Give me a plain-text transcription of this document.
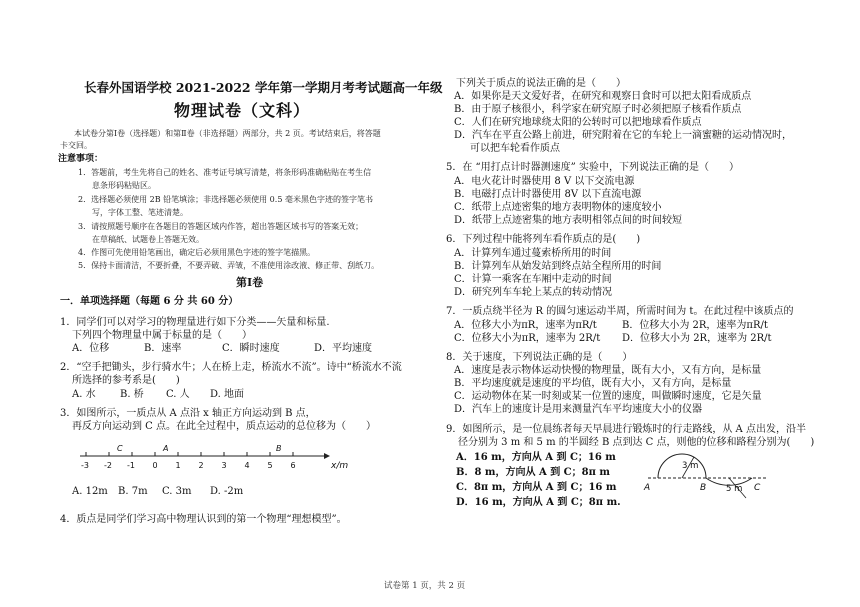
长春外国语学校 2021-2022 学年第一学期月考考试题高一年级
物理试卷（文科）
本试卷分第Ⅰ卷（选择题）和第Ⅱ卷（非选择题）两部分，共 2 页。考试结束后，将答题
卡交回。
注意事项：
1．答题前，考生先将自己的姓名、准考证号填写清楚，将条形码准确粘贴在考生信
息条形码粘贴区。
2．选择题必须使用 2B 铅笔填涂；非选择题必须使用 0.5 毫米黑色字迹的签字笔书
写，字体工整、笔迹清楚。
3．请按照题号顺序在各题目的答题区域内作答，超出答题区域书写的答案无效；
在草稿纸、试题卷上答题无效。
4．作图可先使用铅笔画出，确定后必须用黑色字迹的签字笔描黑。
5．保持卡面清洁，不要折叠，不要弄破、弄皱，不准使用涂改液、修正带、刮纸刀。
第Ⅰ卷
一．单项选择题（每题 6 分 共 60 分）
1．同学们可以对学习的物理量进行如下分类——矢量和标量.
下列四个物理量中属于标量的是（　　）
A．位移	B．速率	C．瞬时速度	D．平均速度
2．“空手把锄头，步行骑水牛；人在桥上走，桥流水不流”。诗中“桥流水不流
所选择的参考系是(　　)
A. 水 B. 桥 C. 人 D. 地面
3．如图所示，一质点从 A 点沿 x 轴正方向运动到 B 点，
再反方向运动到 C 点。在此全过程中，质点运动的总位移为（　　）
-3 -2 -1 0 1 2 3 4 5 6	x/m
C	A	B
A. 12m B. 7m C. 3m D. -2m
4．质点是同学们学习高中物理认识到的第一个物理“理想模型”。
下列关于质点的说法正确的是（　　）
A．如果你是天文爱好者，在研究和观察日食时可以把太阳看成质点
B．由于原子核很小，科学家在研究原子时必须把原子核看作质点
C．人们在研究地球绕太阳的公转时可以把地球看作质点
D．汽车在平直公路上前进，研究附着在它的车轮上一滴蜜糖的运动情况时，
可以把车轮看作质点
5．在 “用打点计时器测速度” 实验中，下列说法正确的是（　　）
A．电火花计时器使用 8 V 以下交流电源
B．电磁打点计时器使用 8V 以下直流电源
C．纸带上点迹密集的地方表明物体的速度较小
D．纸带上点迹密集的地方表明相邻点间的时间较短
6．下列过程中能将列车看作质点的是(　　)
A．计算列车通过蔓索桥所用的时间
B．计算列车从始发站到终点站全程所用的时间
C．计算一乘客在车厢中走动的时间
D．研究列车车轮上某点的转动情况
7．一质点绕半径为 R 的圆匀速运动半周，所需时间为 t。在此过程中该质点的
A．位移大小为πR，速率为πR/t	B．位移大小为 2R，速率为πR/t
C．位移大小为πR，速率为 2R/t D．位移大小为 2R，速率为 2R/t
8．关于速度，下列说法正确的是（　　）
A．速度是表示物体运动快慢的物理量，既有大小，又有方向，是标量
B．平均速度就是速度的平均值，既有大小，又有方向，是标量
C．运动物体在某一时刻或某一位置的速度，叫做瞬时速度，它是矢量
D．汽车上的速度计是用来测量汽车平均速度大小的仪器
9．如图所示，是一位晨练者每天早晨进行锻炼时的行走路线，从 A 点出发，沿半
径分别为 3 m 和 5 m 的半圆经 B 点到达 C 点，则他的位移和路程分别为(　　)
A．16 m，方向从 A 到 C；16 m
B．8 m，方向从 A 到 C；8π m
C．8π m，方向从 A 到 C；16 m
D．16 m，方向从 A 到 C；8π m.
A	B	C
3 m
5 m
试卷第 1 页，共 2 页
